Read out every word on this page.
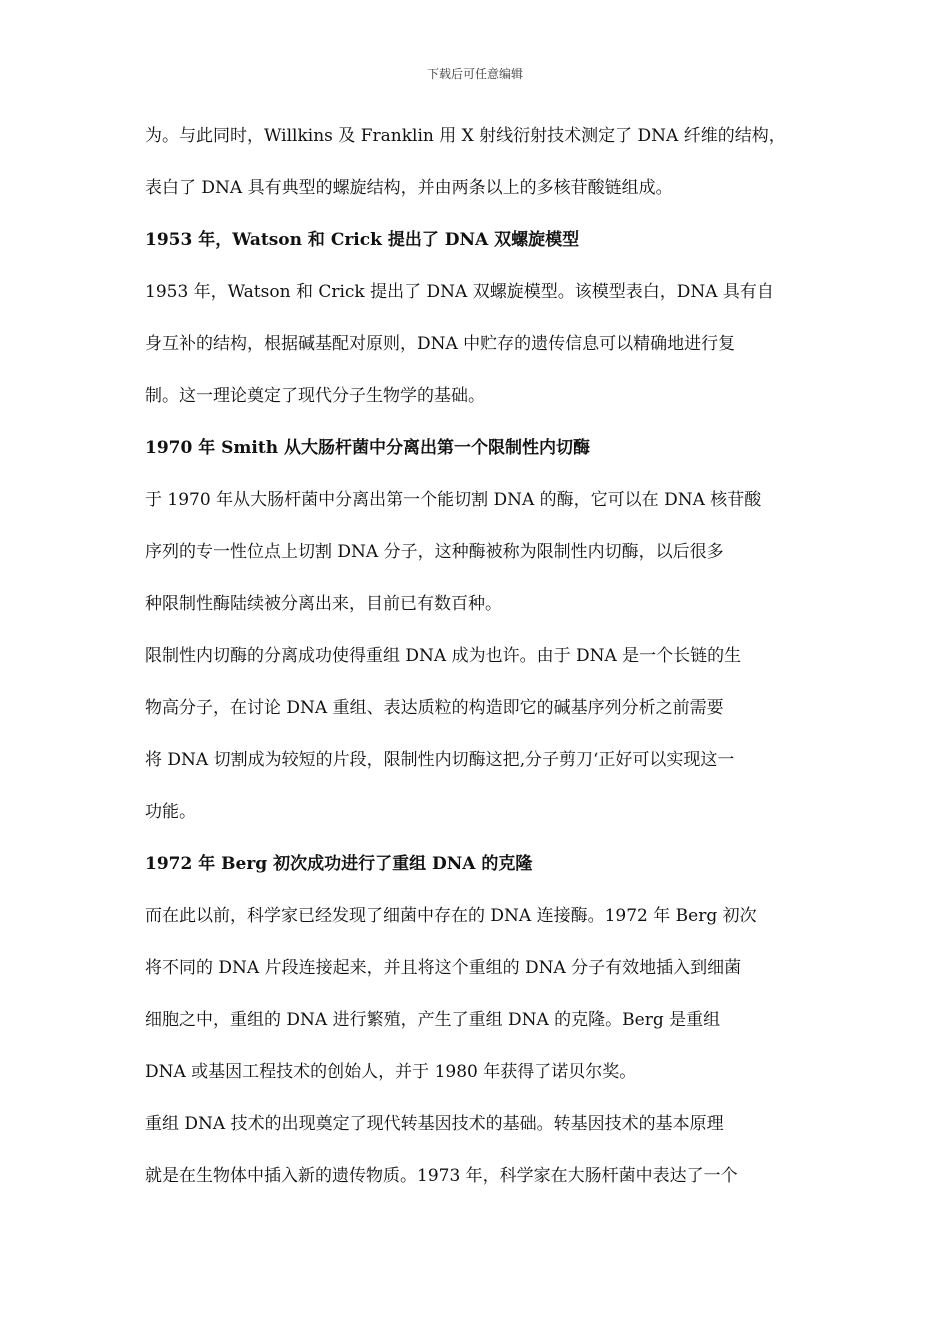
下载后可任意编辑
为。与此同时，Willkins 及 Franklin 用 X 射线衍射技术测定了 DNA 纤维的结构，
表白了 DNA 具有典型的螺旋结构，并由两条以上的多核苷酸链组成。
1953 年，Watson 和 Crick 提出了 DNA 双螺旋模型
1953 年，Watson 和 Crick 提出了 DNA 双螺旋模型。该模型表白，DNA 具有自
身互补的结构，根据碱基配对原则，DNA 中贮存的遗传信息可以精确地进行复
制。这一理论奠定了现代分子生物学的基础。
1970 年 Smith 从大肠杆菌中分离出第一个限制性内切酶
于 1970 年从大肠杆菌中分离出第一个能切割 DNA 的酶，它可以在 DNA 核苷酸
序列的专一性位点上切割 DNA 分子，这种酶被称为限制性内切酶，以后很多
种限制性酶陆续被分离出来，目前已有数百种。
限制性内切酶的分离成功使得重组 DNA 成为也许。由于 DNA 是一个长链的生
物高分子，在讨论 DNA 重组、表达质粒的构造即它的碱基序列分析之前需要
将 DNA 切割成为较短的片段，限制性内切酶这把‚分子剪刀‘正好可以实现这一
功能。
1972 年 Berg 初次成功进行了重组 DNA 的克隆
而在此以前，科学家已经发现了细菌中存在的 DNA 连接酶。1972 年 Berg 初次
将不同的 DNA 片段连接起来，并且将这个重组的 DNA 分子有效地插入到细菌
细胞之中，重组的 DNA 进行繁殖，产生了重组 DNA 的克隆。Berg 是重组
DNA 或基因工程技术的创始人，并于 1980 年获得了诺贝尔奖。
重组 DNA 技术的出现奠定了现代转基因技术的基础。转基因技术的基本原理
就是在生物体中插入新的遗传物质。1973 年，科学家在大肠杆菌中表达了一个
